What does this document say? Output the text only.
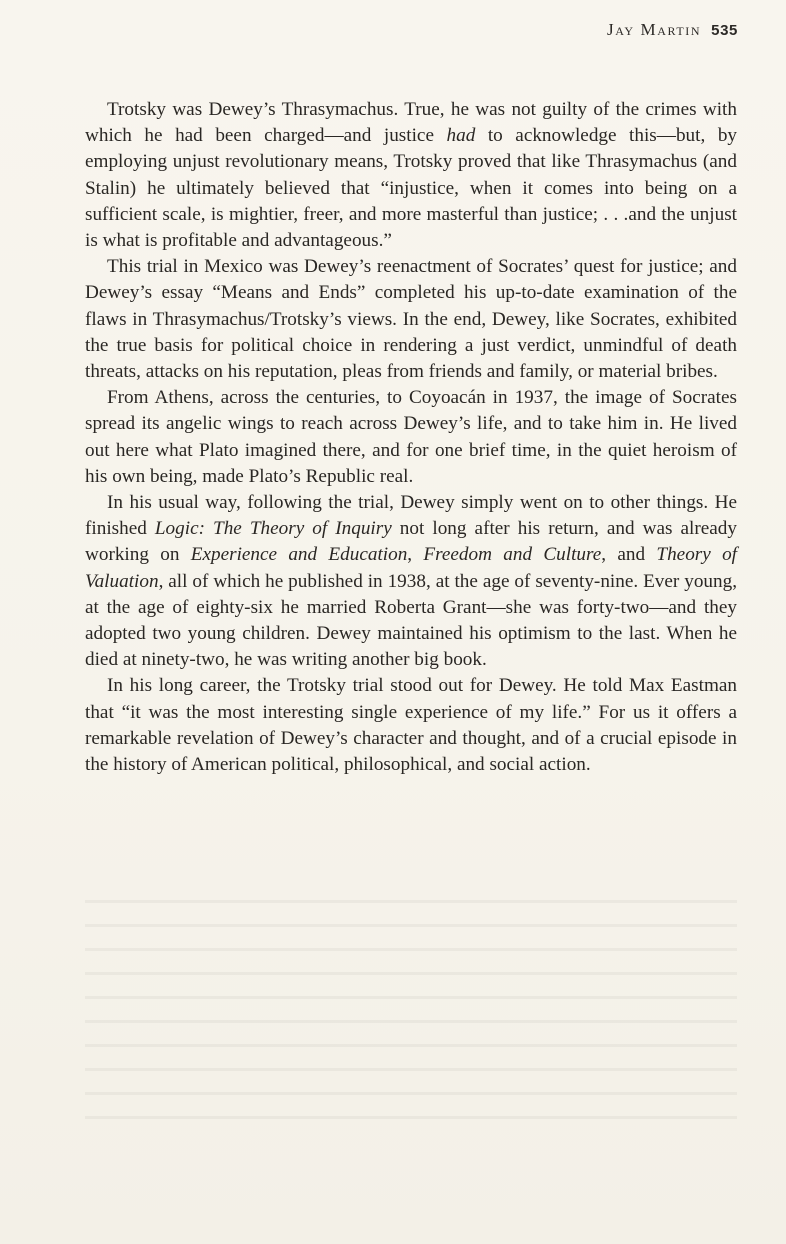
Jay Martin 535

Trotsky was Dewey’s Thrasymachus. True, he was not guilty of the crimes with which he had been charged—and justice had to acknowledge this—but, by employing unjust revolutionary means, Trotsky proved that like Thrasymachus (and Stalin) he ultimately believed that “injustice, when it comes into being on a sufficient scale, is mightier, freer, and more masterful than justice; . . .and the unjust is what is profitable and advantageous.”

This trial in Mexico was Dewey’s reenactment of Socrates’ quest for justice; and Dewey’s essay “Means and Ends” completed his up-to-date examination of the flaws in Thrasymachus/Trotsky’s views. In the end, Dewey, like Socrates, exhibited the true basis for political choice in rendering a just verdict, unmindful of death threats, attacks on his reputation, pleas from friends and family, or material bribes.

From Athens, across the centuries, to Coyoacán in 1937, the image of Socrates spread its angelic wings to reach across Dewey’s life, and to take him in. He lived out here what Plato imagined there, and for one brief time, in the quiet heroism of his own being, made Plato’s Republic real.

In his usual way, following the trial, Dewey simply went on to other things. He finished Logic: The Theory of Inquiry not long after his return, and was already working on Experience and Education, Freedom and Culture, and Theory of Valuation, all of which he published in 1938, at the age of seventy-nine. Ever young, at the age of eighty-six he married Roberta Grant—she was forty-two—and they adopted two young children. Dewey maintained his optimism to the last. When he died at ninety-two, he was writing another big book.

In his long career, the Trotsky trial stood out for Dewey. He told Max Eastman that “it was the most interesting single experience of my life.” For us it offers a remarkable revelation of Dewey’s character and thought, and of a crucial episode in the history of American political, philosophical, and social action.
